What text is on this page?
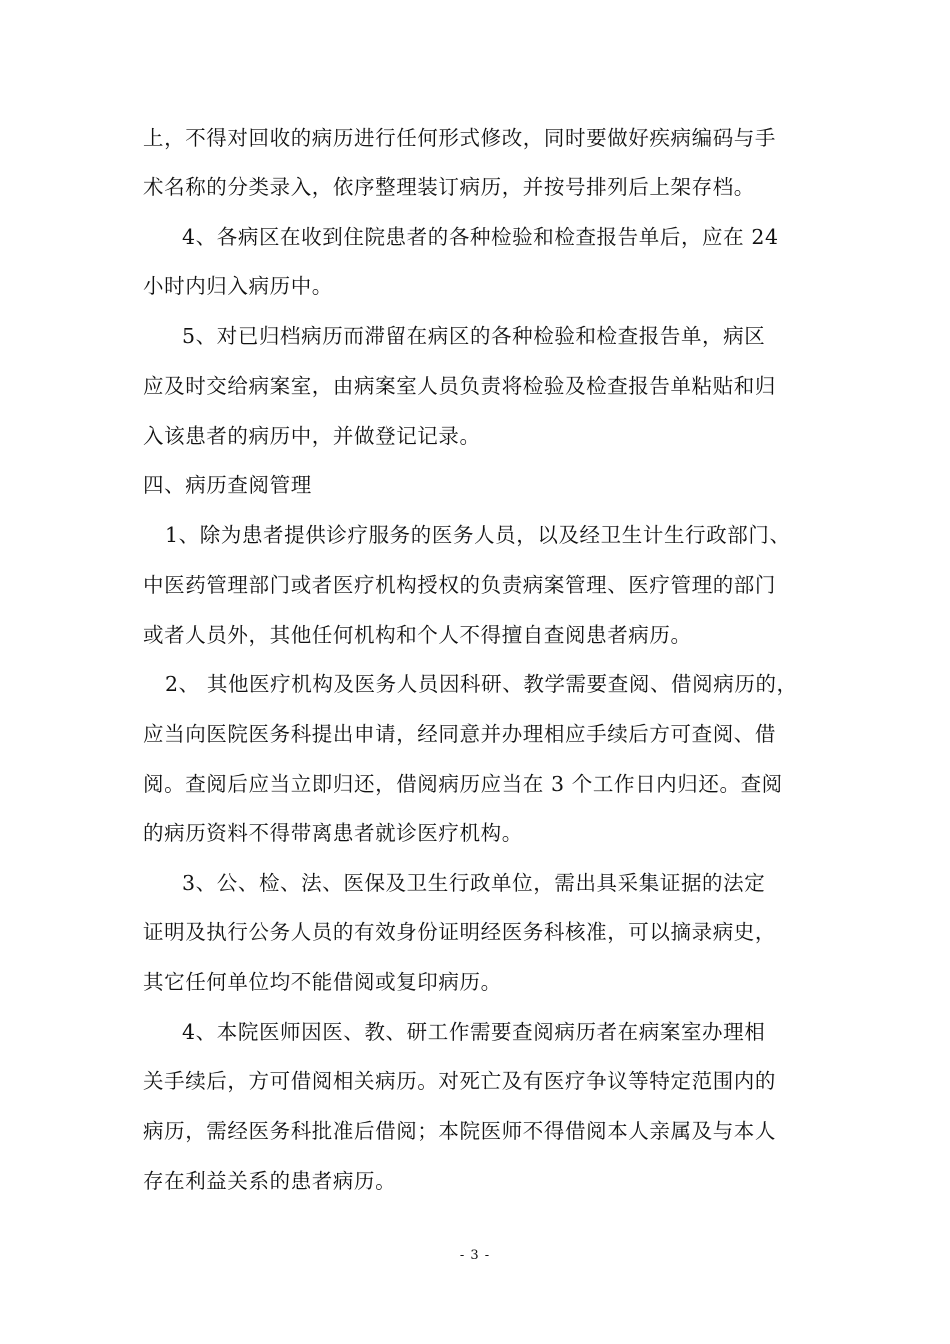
上，不得对回收的病历进行任何形式修改，同时要做好疾病编码与手
术名称的分类录入，依序整理装订病历，并按号排列后上架存档。
4、各病区在收到住院患者的各种检验和检查报告单后，应在 24
小时内归入病历中。
5、对已归档病历而滞留在病区的各种检验和检查报告单，病区
应及时交给病案室，由病案室人员负责将检验及检查报告单粘贴和归
入该患者的病历中，并做登记记录。
四、病历查阅管理
1、除为患者提供诊疗服务的医务人员，以及经卫生计生行政部门、
中医药管理部门或者医疗机构授权的负责病案管理、医疗管理的部门
或者人员外，其他任何机构和个人不得擅自查阅患者病历。
2、 其他医疗机构及医务人员因科研、教学需要查阅、借阅病历的，
应当向医院医务科提出申请，经同意并办理相应手续后方可查阅、借
阅。查阅后应当立即归还，借阅病历应当在 3 个工作日内归还。查阅
的病历资料不得带离患者就诊医疗机构。
3、公、检、法、医保及卫生行政单位，需出具采集证据的法定
证明及执行公务人员的有效身份证明经医务科核准，可以摘录病史，
其它任何单位均不能借阅或复印病历。
4、本院医师因医、教、研工作需要查阅病历者在病案室办理相
关手续后，方可借阅相关病历。对死亡及有医疗争议等特定范围内的
病历，需经医务科批准后借阅；本院医师不得借阅本人亲属及与本人
存在利益关系的患者病历。
- 3 -
